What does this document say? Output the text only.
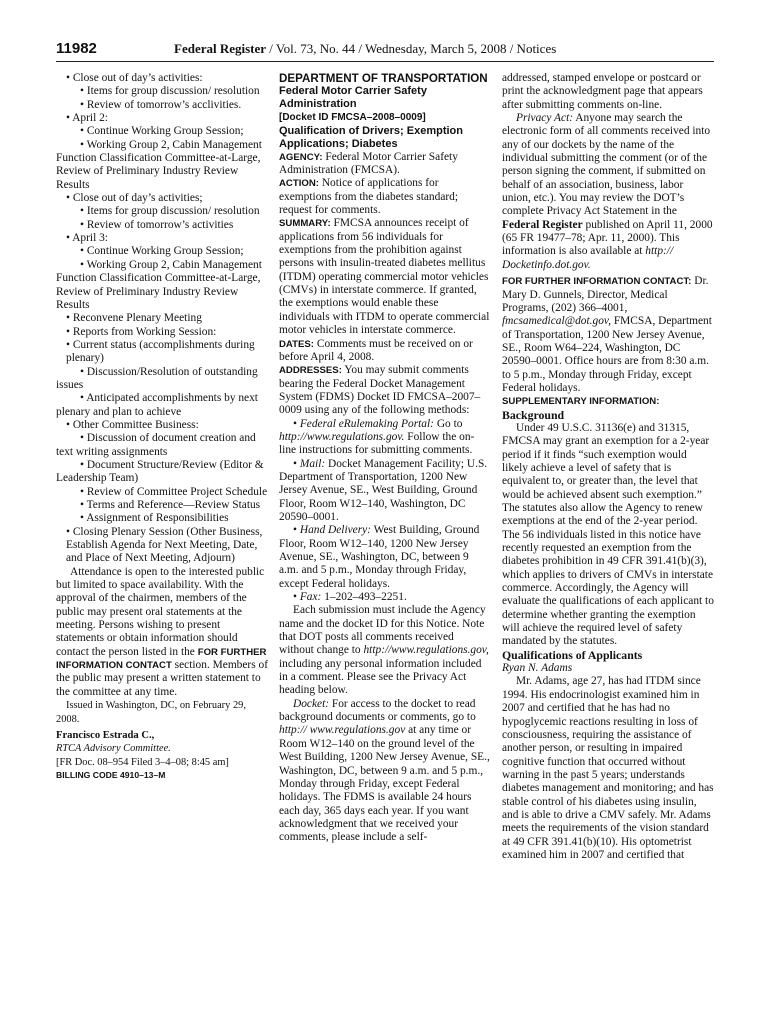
11982	Federal Register / Vol. 73, No. 44 / Wednesday, March 5, 2008 / Notices

• Close out of day’s activities:

• Items for group discussion/ resolution

• Review of tomorrow’s acclivities.

• April 2:

• Continue Working Group Session;

• Working Group 2, Cabin Management Function Classification Committee-at-Large, Review of Preliminary Industry Review Results

• Close out of day’s activities;

• Items for group discussion/ resolution

• Review of tomorrow’s activities

• April 3:

• Continue Working Group Session;

• Working Group 2, Cabin Management Function Classification Committee-at-Large, Review of Preliminary Industry Review Results

• Reconvene Plenary Meeting

• Reports from Working Session:

• Current status (accomplishments during plenary)

• Discussion/Resolution of outstanding issues

• Anticipated accomplishments by next plenary and plan to achieve

• Other Committee Business:

• Discussion of document creation and text writing assignments

• Document Structure/Review (Editor & Leadership Team)

• Review of Committee Project Schedule

• Terms and Reference—Review Status

• Assignment of Responsibilities

• Closing Plenary Session (Other Business, Establish Agenda for Next Meeting, Date, and Place of Next Meeting, Adjourn)

Attendance is open to the interested public but limited to space availability. With the approval of the chairmen, members of the public may present oral statements at the meeting. Persons wishing to present statements or obtain information should contact the person listed in the FOR FURTHER INFORMATION CONTACT section. Members of the public may present a written statement to the committee at any time.

Issued in Washington, DC, on February 29, 2008.

Francisco Estrada C.,

RTCA Advisory Committee.

[FR Doc. 08–954 Filed 3–4–08; 8:45 am]

BILLING CODE 4910–13–M

DEPARTMENT OF TRANSPORTATION

Federal Motor Carrier Safety Administration

[Docket ID FMCSA–2008–0009]

Qualification of Drivers; Exemption Applications; Diabetes

AGENCY: Federal Motor Carrier Safety Administration (FMCSA).

ACTION: Notice of applications for exemptions from the diabetes standard; request for comments.

SUMMARY: FMCSA announces receipt of applications from 56 individuals for exemptions from the prohibition against persons with insulin-treated diabetes mellitus (ITDM) operating commercial motor vehicles (CMVs) in interstate commerce. If granted, the exemptions would enable these individuals with ITDM to operate commercial motor vehicles in interstate commerce.

DATES: Comments must be received on or before April 4, 2008.

ADDRESSES: You may submit comments bearing the Federal Docket Management System (FDMS) Docket ID FMCSA–2007–0009 using any of the following methods:

• Federal eRulemaking Portal: Go to http://www.regulations.gov. Follow the on-line instructions for submitting comments.

• Mail: Docket Management Facility; U.S. Department of Transportation, 1200 New Jersey Avenue, SE., West Building, Ground Floor, Room W12–140, Washington, DC 20590–0001.

• Hand Delivery: West Building, Ground Floor, Room W12–140, 1200 New Jersey Avenue, SE., Washington, DC, between 9 a.m. and 5 p.m., Monday through Friday, except Federal holidays.

• Fax: 1–202–493–2251.

Each submission must include the Agency name and the docket ID for this Notice. Note that DOT posts all comments received without change to http://www.regulations.gov, including any personal information included in a comment. Please see the Privacy Act heading below.

Docket: For access to the docket to read background documents or comments, go to http:// www.regulations.gov at any time or Room W12–140 on the ground level of the West Building, 1200 New Jersey Avenue, SE., Washington, DC, between 9 a.m. and 5 p.m., Monday through Friday, except Federal holidays. The FDMS is available 24 hours each day, 365 days each year. If you want acknowledgment that we received your comments, please include a self-

addressed, stamped envelope or postcard or print the acknowledgment page that appears after submitting comments on-line.

Privacy Act: Anyone may search the electronic form of all comments received into any of our dockets by the name of the individual submitting the comment (or of the person signing the comment, if submitted on behalf of an association, business, labor union, etc.). You may review the DOT’s complete Privacy Act Statement in the Federal Register published on April 11, 2000 (65 FR 19477–78; Apr. 11, 2000). This information is also available at http:// Docketinfo.dot.gov.

FOR FURTHER INFORMATION CONTACT: Dr. Mary D. Gunnels, Director, Medical Programs, (202) 366–4001, fmcsamedical@dot.gov, FMCSA, Department of Transportation, 1200 New Jersey Avenue, SE., Room W64–224, Washington, DC 20590–0001. Office hours are from 8:30 a.m. to 5 p.m., Monday through Friday, except Federal holidays.

SUPPLEMENTARY INFORMATION:

Background

Under 49 U.S.C. 31136(e) and 31315, FMCSA may grant an exemption for a 2-year period if it finds “such exemption would likely achieve a level of safety that is equivalent to, or greater than, the level that would be achieved absent such exemption.” The statutes also allow the Agency to renew exemptions at the end of the 2-year period. The 56 individuals listed in this notice have recently requested an exemption from the diabetes prohibition in 49 CFR 391.41(b)(3), which applies to drivers of CMVs in interstate commerce. Accordingly, the Agency will evaluate the qualifications of each applicant to determine whether granting the exemption will achieve the required level of safety mandated by the statutes.

Qualifications of Applicants

Ryan N. Adams

Mr. Adams, age 27, has had ITDM since 1994. His endocrinologist examined him in 2007 and certified that he has had no hypoglycemic reactions resulting in loss of consciousness, requiring the assistance of another person, or resulting in impaired cognitive function that occurred without warning in the past 5 years; understands diabetes management and monitoring; and has stable control of his diabetes using insulin, and is able to drive a CMV safely. Mr. Adams meets the requirements of the vision standard at 49 CFR 391.41(b)(10). His optometrist examined him in 2007 and certified that
